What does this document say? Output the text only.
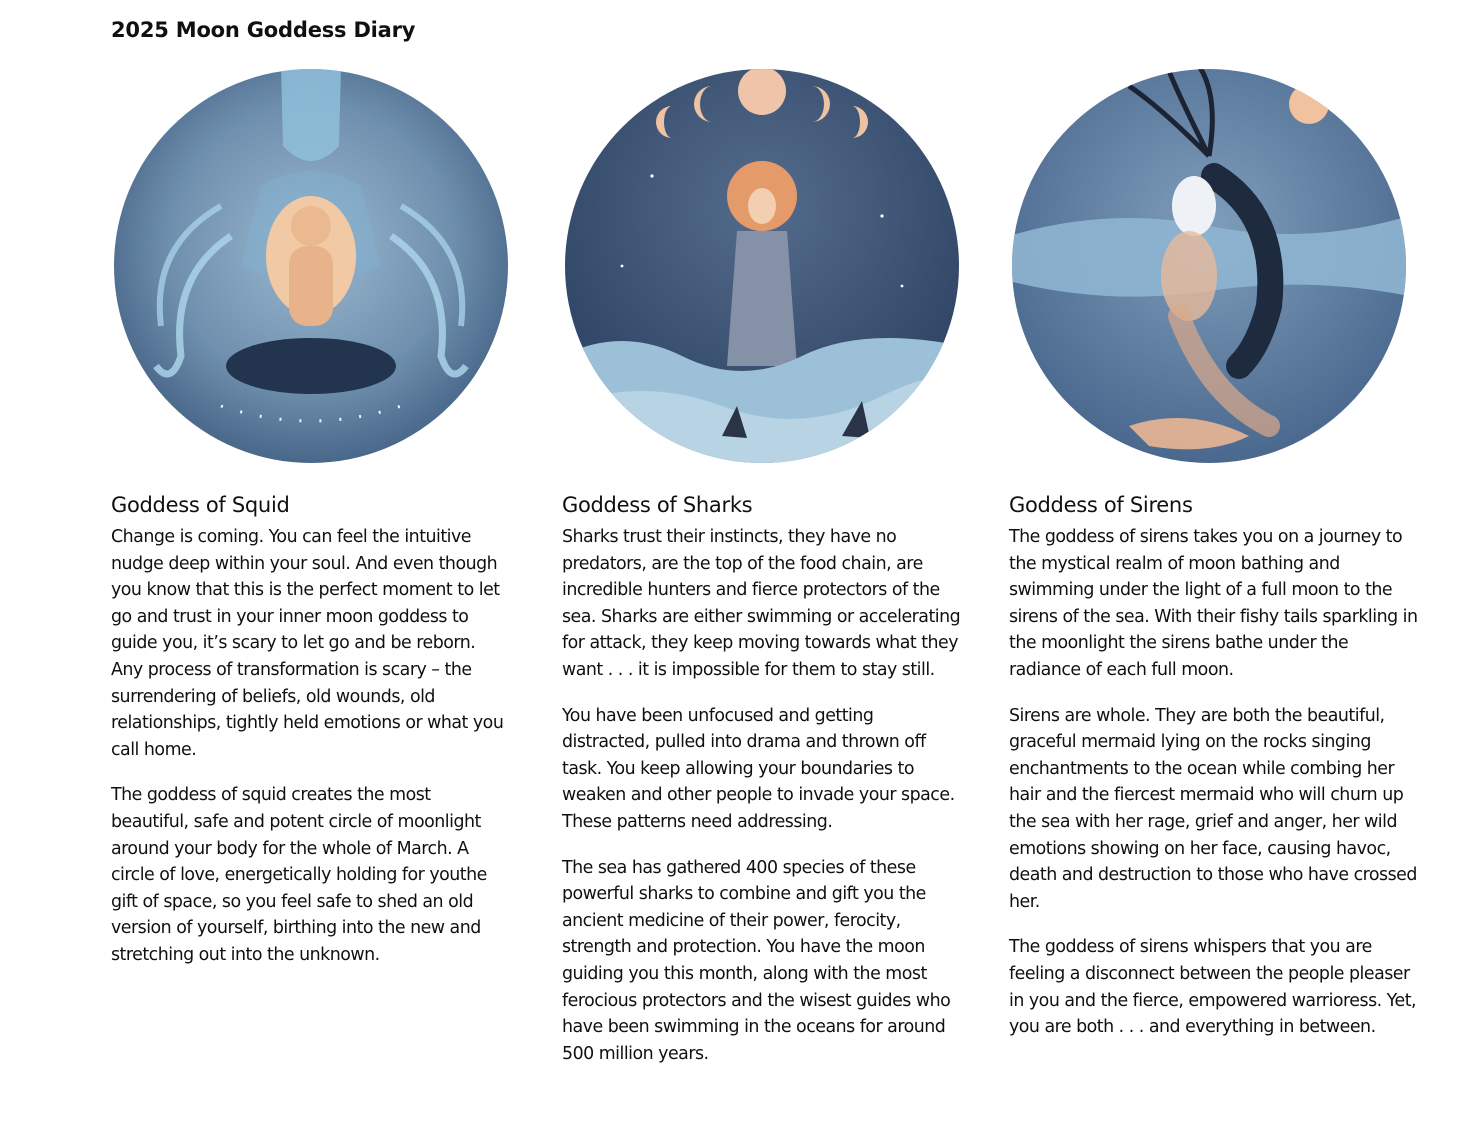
2025 Moon Goddess Diary
Goddess of Squid

Change is coming. You can feel the intuitive nudge deep within your soul. And even though you know that this is the perfect moment to let go and trust in your inner moon goddess to guide you, it’s scary to let go and be reborn. Any process of transformation is scary – the surrendering of beliefs, old wounds, old relationships, tightly held emotions or what you call home.

The goddess of squid creates the most beautiful, safe and potent circle of moonlight around your body for the whole of March. A circle of love, energetically holding for youthe gift of space, so you feel safe to shed an old version of yourself, birthing into the new and stretching out into the unknown.

Goddess of Sharks

Sharks trust their instincts, they have no predators, are the top of the food chain, are incredible hunters and fierce protectors of the sea. Sharks are either swimming or accelerating for attack, they keep moving towards what they want . . . it is impossible for them to stay still.

You have been unfocused and getting distracted, pulled into drama and thrown off task. You keep allowing your boundaries to weaken and other people to invade your space. These patterns need addressing.

The sea has gathered 400 species of these powerful sharks to combine and gift you the ancient medicine of their power, ferocity, strength and protection. You have the moon guiding you this month, along with the most ferocious protectors and the wisest guides who have been swimming in the oceans for around 500 million years.

Goddess of Sirens

The goddess of sirens takes you on a journey to the mystical realm of moon bathing and swimming under the light of a full moon to the sirens of the sea. With their fishy tails sparkling in the moonlight the sirens bathe under the radiance of each full moon.

Sirens are whole. They are both the beautiful, graceful mermaid lying on the rocks singing enchantments to the ocean while combing her hair and the fiercest mermaid who will churn up the sea with her rage, grief and anger, her wild emotions showing on her face, causing havoc, death and destruction to those who have crossed her.

The goddess of sirens whispers that you are feeling a disconnect between the people pleaser in you and the fierce, empowered warrioress. Yet, you are both . . . and everything in between.
